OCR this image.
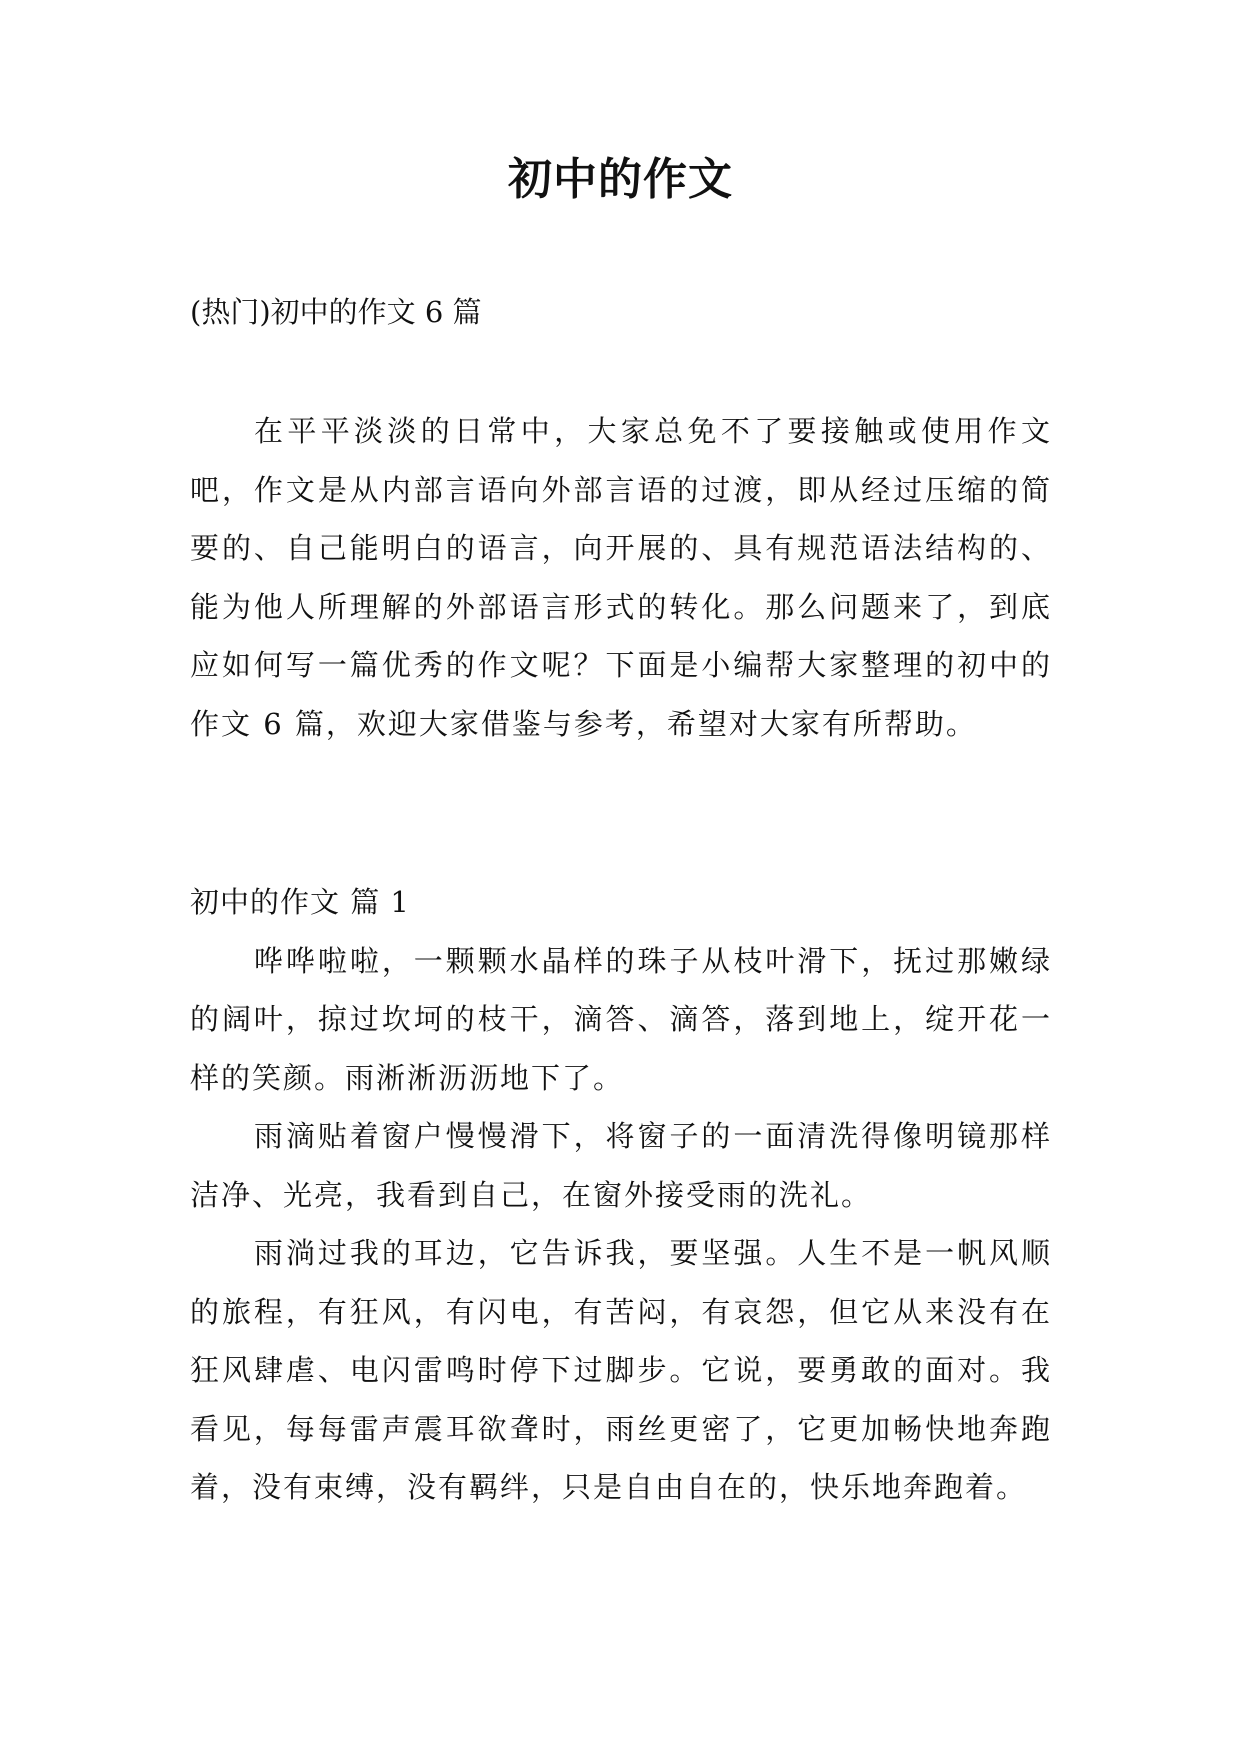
初中的作文
(热门)初中的作文 6 篇

在平平淡淡的日常中，大家总免不了要接触或使用作文吧，作文是从内部言语向外部言语的过渡，即从经过压缩的简要的、自己能明白的语言，向开展的、具有规范语法结构的、能为他人所理解的外部语言形式的转化。那么问题来了，到底应如何写一篇优秀的作文呢？下面是小编帮大家整理的初中的作文 6 篇，欢迎大家借鉴与参考，希望对大家有所帮助。

初中的作文 篇 1

哗哗啦啦，一颗颗水晶样的珠子从枝叶滑下，抚过那嫩绿的阔叶，掠过坎坷的枝干，滴答、滴答，落到地上，绽开花一样的笑颜。雨淅淅沥沥地下了。

雨滴贴着窗户慢慢滑下，将窗子的一面清洗得像明镜那样洁净、光亮，我看到自己，在窗外接受雨的洗礼。

雨淌过我的耳边，它告诉我，要坚强。人生不是一帆风顺的旅程，有狂风，有闪电，有苦闷，有哀怨，但它从来没有在狂风肆虐、电闪雷鸣时停下过脚步。它说，要勇敢的面对。我看见，每每雷声震耳欲聋时，雨丝更密了，它更加畅快地奔跑着，没有束缚，没有羁绊，只是自由自在的，快乐地奔跑着。
